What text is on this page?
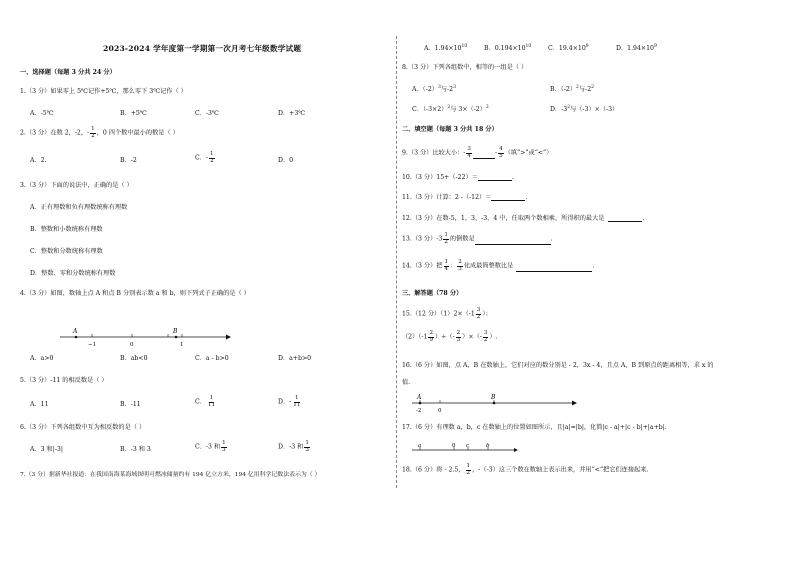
2023-2024 学年度第一学期第一次月考七年级数学试题
一、选择题（每题 3 分共 24 分）
1.（3 分）如果零上 5℃记作+5℃，那么零下 3℃记作（ ）
A．-5℃	B．+5℃	C．-3℃	D．+3℃
2.（3 分）在数 2，-2，- $\frac{1}{2}$ ，0 四个数中最小的数是（ ）
A．2.	B．-2	C．- $\frac{1}{2}$	D．0
3.（3 分）下面的说法中，正确的是（ ）
A．正有理数和负有理数统称有理数
B．整数和小数统称有理数
C．整数和分数统称有理数
D．整数、零和分数统称有理数
4.（3 分）如图，数轴上点 A 和点 B 分别表示数 a 和 b，则下列式子正确的是（ ）
A	B
−1	0	1
A．a>0	B．ab<0	C．a - b>0	D．a+b>0
5.（3 分）-11 的相反数是（ ）
A．11	B．-11	C． $\frac{1}{11}$	D．- $\frac{1}{11}$
6.（3 分）下列各组数中互为相反数的是（ ）
A．3 和|-3|	B．-3 和 3	C．-3 和 $\frac{1}{3}$	D．-3 和 $\frac{1}{3}$
7.（3 分）据新华社报道：在我国南海某海域探明可燃冰储量约有 194 亿立方米，194 亿用科学记数法表示为（ ）
A．$1.94\times 10^{10}$	B．$0.194\times 10^{10}$	C．$19.4\times 10^9$	D．$1.94\times 10^9$
8.（3 分）下列各组数中，相等的一组是（ ）
A．$(-2)^3$与$-2^3$	B．$(-2)^2$与$-2^2$
C．$(-3\times 2)^2$与 $3\times(-2)^2$	D．$-3^2$与（-3）×（-3）
二、填空题（每题 3 分共 18 分）
9.（3 分）比较大小：- $\frac{3}{4}$	- $\frac{4}{5}$ （填“>”或“<”）
10.（3 分）15+（-22）＝	.
11.（3 分）计算：2 -（-12）＝	.
12.（3 分）在数-5，1，3，-3，4 中，任取两个数相乘，所得积的最大是	.
13.（3 分）$-3 \frac{1}{2}$ 的倒数是	.
14.（3 分）把 $\frac{1}{4}$ ： $\frac{2}{3}$ 化成最简整数比是	.
三、解答题（78 分）
15.（12 分）$(1)2\times(-1 \frac{3}{2}$ ）；
$(2)(-1 \frac{2}{9}$ ）÷（- $\frac{2}{3}$ ）×（- $\frac{3}{2}$ ）.
16.（6 分）如图，点 A，B 在数轴上，它们对应的数分别是 - 2，3x - 4，且点 A，B 到原点的距离相等，求 x 的
值.
A	B
-2	0
17.（6 分）有理数 a，b，c 在数轴上的位置如图所示，且|a|=|b|，化简|c - a|+|c - b|+|a+b|.
a	0 c	b
18.（6 分）将 - 2.5， $\frac{1}{2}$ ，-（-3）这三个数在数轴上表示出来，并用“<”把它们连接起来.
